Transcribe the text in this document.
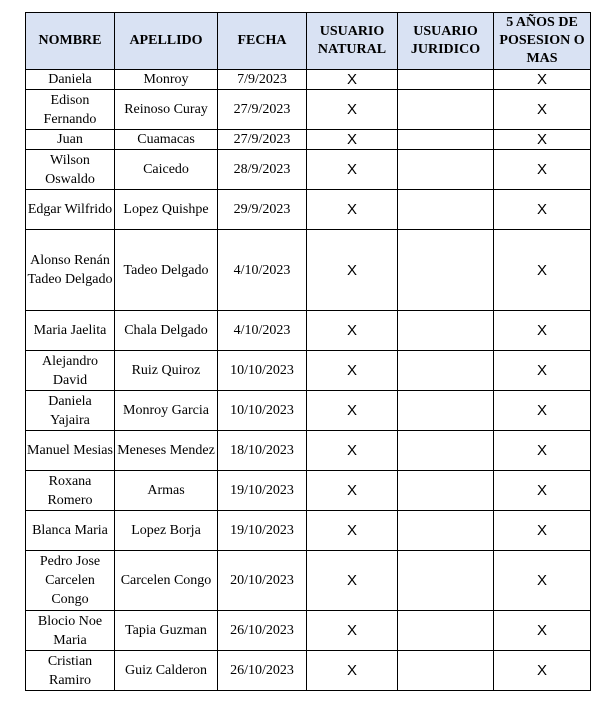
NOMBRE	APELLIDO	FECHA	USUARIO NATURAL	USUARIO JURIDICO	5 AÑOS DE POSESION O MAS
Daniela	Monroy	7/9/2023	X		X
Edison Fernando	Reinoso Curay	27/9/2023	X		X
Juan	Cuamacas	27/9/2023	X		X
Wilson Oswaldo	Caicedo	28/9/2023	X		X
Edgar Wilfrido	Lopez Quishpe	29/9/2023	X		X
Alonso Renán Tadeo Delgado	Tadeo Delgado	4/10/2023	X		X
Maria Jaelita	Chala Delgado	4/10/2023	X		X
Alejandro David	Ruiz Quiroz	10/10/2023	X		X
Daniela Yajaira	Monroy Garcia	10/10/2023	X		X
Manuel Mesias	Meneses Mendez	18/10/2023	X		X
Roxana Romero	Armas	19/10/2023	X		X
Blanca Maria	Lopez Borja	19/10/2023	X		X
Pedro Jose Carcelen Congo	Carcelen Congo	20/10/2023	X		X
Blocio Noe Maria	Tapia Guzman	26/10/2023	X		X
Cristian Ramiro	Guiz Calderon	26/10/2023	X		X
